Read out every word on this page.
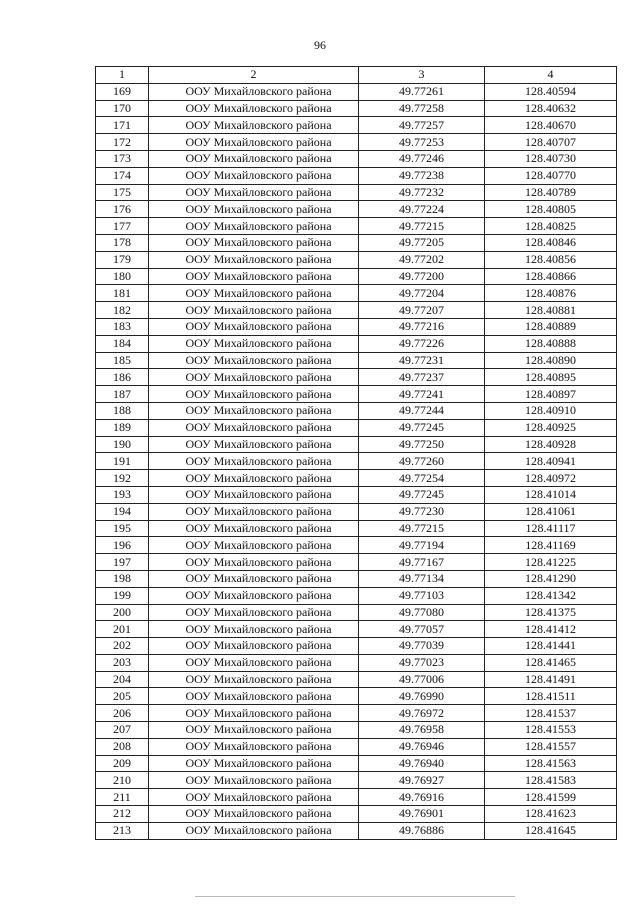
96
1	2	3	4
169	ООУ Михайловского района	49.77261	128.40594
170	ООУ Михайловского района	49.77258	128.40632
171	ООУ Михайловского района	49.77257	128.40670
172	ООУ Михайловского района	49.77253	128.40707
173	ООУ Михайловского района	49.77246	128.40730
174	ООУ Михайловского района	49.77238	128.40770
175	ООУ Михайловского района	49.77232	128.40789
176	ООУ Михайловского района	49.77224	128.40805
177	ООУ Михайловского района	49.77215	128.40825
178	ООУ Михайловского района	49.77205	128.40846
179	ООУ Михайловского района	49.77202	128.40856
180	ООУ Михайловского района	49.77200	128.40866
181	ООУ Михайловского района	49.77204	128.40876
182	ООУ Михайловского района	49.77207	128.40881
183	ООУ Михайловского района	49.77216	128.40889
184	ООУ Михайловского района	49.77226	128.40888
185	ООУ Михайловского района	49.77231	128.40890
186	ООУ Михайловского района	49.77237	128.40895
187	ООУ Михайловского района	49.77241	128.40897
188	ООУ Михайловского района	49.77244	128.40910
189	ООУ Михайловского района	49.77245	128.40925
190	ООУ Михайловского района	49.77250	128.40928
191	ООУ Михайловского района	49.77260	128.40941
192	ООУ Михайловского района	49.77254	128.40972
193	ООУ Михайловского района	49.77245	128.41014
194	ООУ Михайловского района	49.77230	128.41061
195	ООУ Михайловского района	49.77215	128.41117
196	ООУ Михайловского района	49.77194	128.41169
197	ООУ Михайловского района	49.77167	128.41225
198	ООУ Михайловского района	49.77134	128.41290
199	ООУ Михайловского района	49.77103	128.41342
200	ООУ Михайловского района	49.77080	128.41375
201	ООУ Михайловского района	49.77057	128.41412
202	ООУ Михайловского района	49.77039	128.41441
203	ООУ Михайловского района	49.77023	128.41465
204	ООУ Михайловского района	49.77006	128.41491
205	ООУ Михайловского района	49.76990	128.41511
206	ООУ Михайловского района	49.76972	128.41537
207	ООУ Михайловского района	49.76958	128.41553
208	ООУ Михайловского района	49.76946	128.41557
209	ООУ Михайловского района	49.76940	128.41563
210	ООУ Михайловского района	49.76927	128.41583
211	ООУ Михайловского района	49.76916	128.41599
212	ООУ Михайловского района	49.76901	128.41623
213	ООУ Михайловского района	49.76886	128.41645
